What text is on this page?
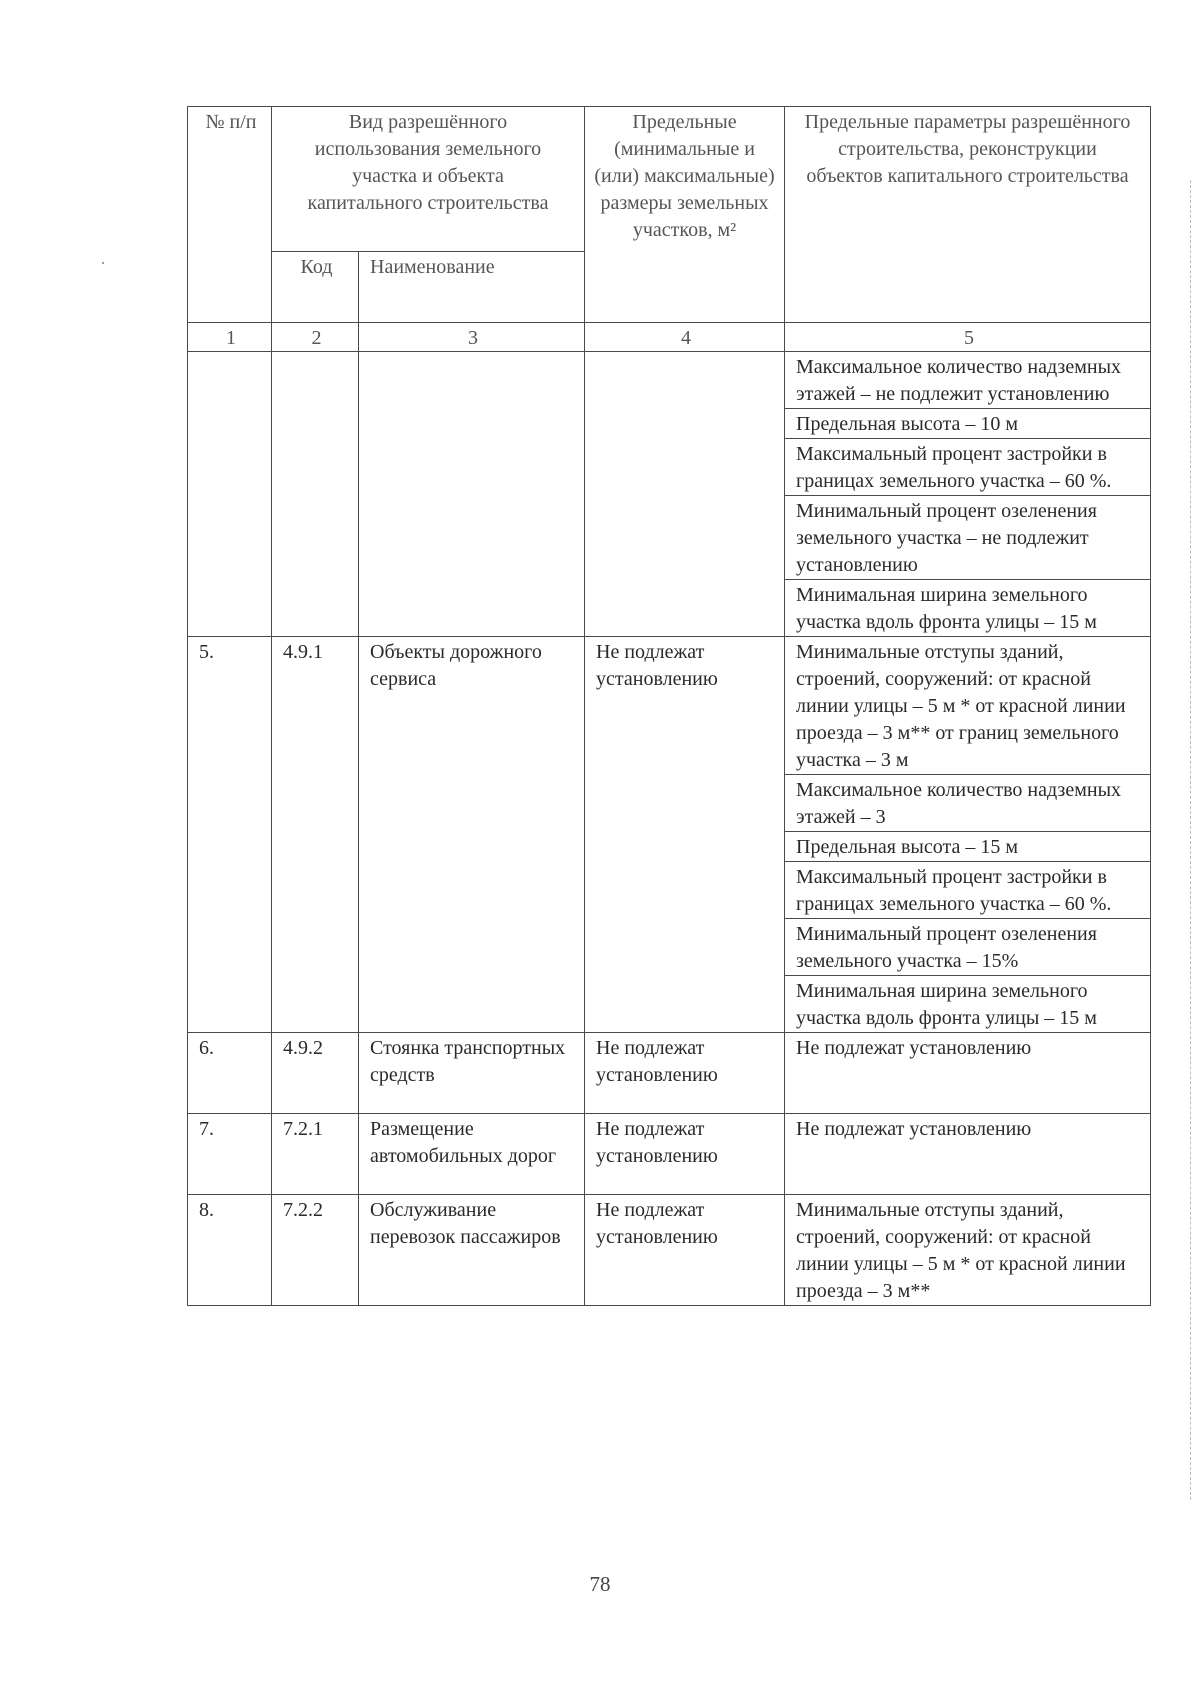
№ п/п	Вид разрешённого использования земельного участка и объекта капитального строительства		Предельные (минимальные и (или) максимальные) размеры земельных участков, м²	Предельные параметры разрешённого строительства, реконструкции объектов капитального строительства
	Код	Наименование		
1	2	3	4	5
				Максимальное количество надземных этажей – не подлежит установлению
				Предельная высота – 10 м
				Максимальный процент застройки в границах земельного участка – 60 %.
				Минимальный процент озеленения земельного участка – не подлежит установлению
				Минимальная ширина земельного участка вдоль фронта улицы – 15 м
5.	4.9.1	Объекты дорожного сервиса	Не подлежат установлению	Минимальные отступы зданий, строений, сооружений: от красной линии улицы – 5 м * от красной линии проезда – 3 м** от границ земельного участка – 3 м
				Максимальное количество надземных этажей – 3
				Предельная высота – 15 м
				Максимальный процент застройки в границах земельного участка – 60 %.
				Минимальный процент озеленения земельного участка – 15%
				Минимальная ширина земельного участка вдоль фронта улицы – 15 м
6.	4.9.2	Стоянка транспортных средств	Не подлежат установлению	Не подлежат установлению
7.	7.2.1	Размещение автомобильных дорог	Не подлежат установлению	Не подлежат установлению
8.	7.2.2	Обслуживание перевозок пассажиров	Не подлежат установлению	Минимальные отступы зданий, строений, сооружений: от красной линии улицы – 5 м * от красной линии проезда – 3 м**
78
